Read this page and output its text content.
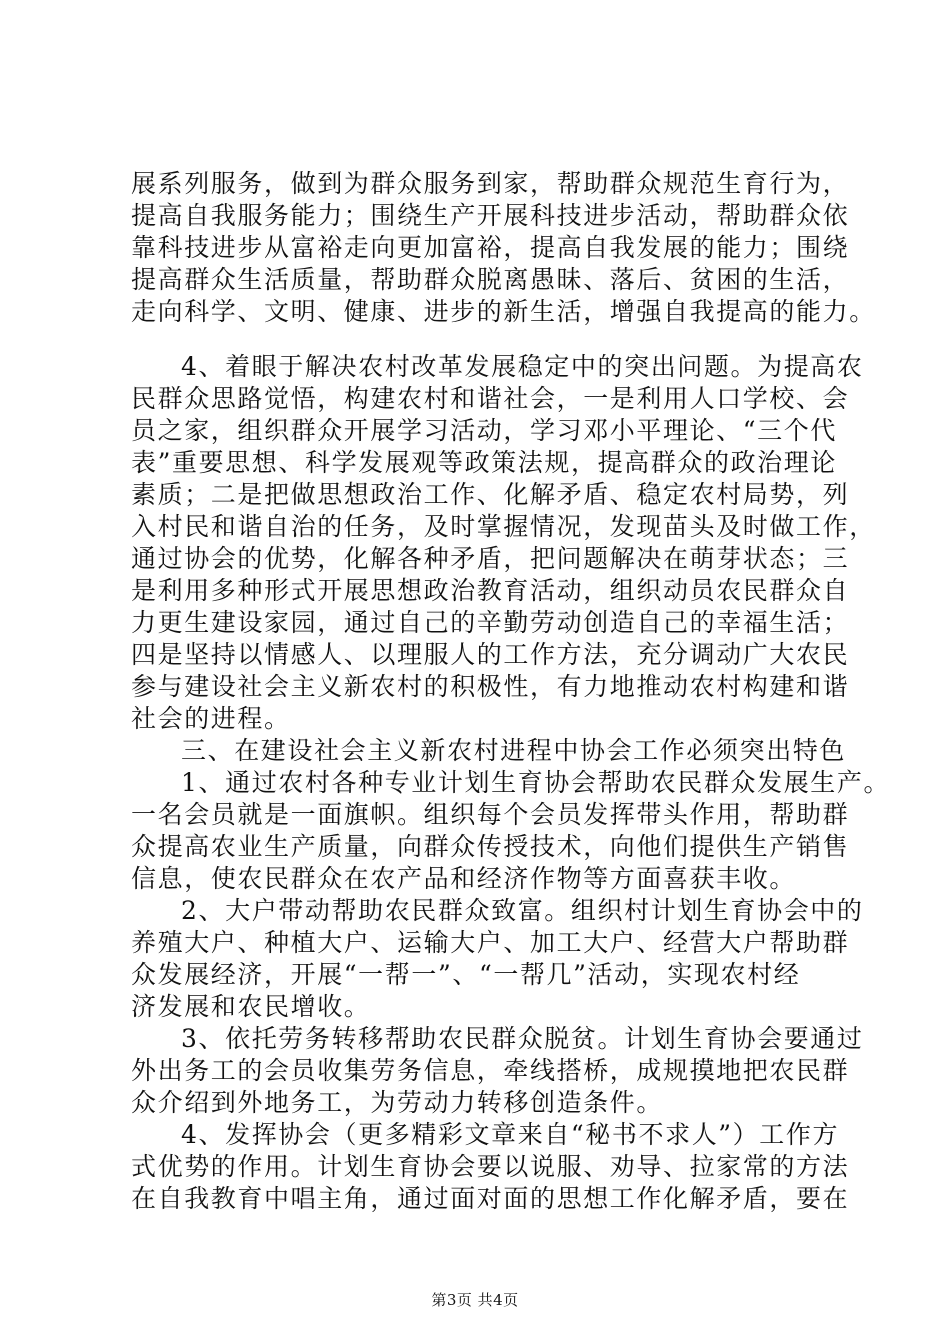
展系列服务，做到为群众服务到家，帮助群众规范生育行为，
提高自我服务能力；围绕生产开展科技进步活动，帮助群众依
靠科技进步从富裕走向更加富裕，提高自我发展的能力；围绕
提高群众生活质量，帮助群众脱离愚昧、落后、贫困的生活，
走向科学、文明、健康、进步的新生活，增强自我提高的能力。
4、着眼于解决农村改革发展稳定中的突出问题。为提高农
民群众思路觉悟，构建农村和谐社会，一是利用人口学校、会
员之家，组织群众开展学习活动，学习邓小平理论、“三个代
表”重要思想、科学发展观等政策法规，提高群众的政治理论
素质；二是把做思想政治工作、化解矛盾、稳定农村局势，列
入村民和谐自治的任务，及时掌握情况，发现苗头及时做工作，
通过协会的优势，化解各种矛盾，把问题解决在萌芽状态；三
是利用多种形式开展思想政治教育活动，组织动员农民群众自
力更生建设家园，通过自己的辛勤劳动创造自己的幸福生活；
四是坚持以情感人、以理服人的工作方法，充分调动广大农民
参与建设社会主义新农村的积极性，有力地推动农村构建和谐
社会的进程。
三、在建设社会主义新农村进程中协会工作必须突出特色
1、通过农村各种专业计划生育协会帮助农民群众发展生产。
一名会员就是一面旗帜。组织每个会员发挥带头作用，帮助群
众提高农业生产质量，向群众传授技术，向他们提供生产销售
信息，使农民群众在农产品和经济作物等方面喜获丰收。
2、大户带动帮助农民群众致富。组织村计划生育协会中的
养殖大户、种植大户、运输大户、加工大户、经营大户帮助群
众发展经济，开展“一帮一”、“一帮几”活动，实现农村经
济发展和农民增收。
3、依托劳务转移帮助农民群众脱贫。计划生育协会要通过
外出务工的会员收集劳务信息，牵线搭桥，成规摸地把农民群
众介绍到外地务工，为劳动力转移创造条件。
4、发挥协会（更多精彩文章来自“秘书不求人”）工作方
式优势的作用。计划生育协会要以说服、劝导、拉家常的方法
在自我教育中唱主角，通过面对面的思想工作化解矛盾，要在
第3页 共4页
